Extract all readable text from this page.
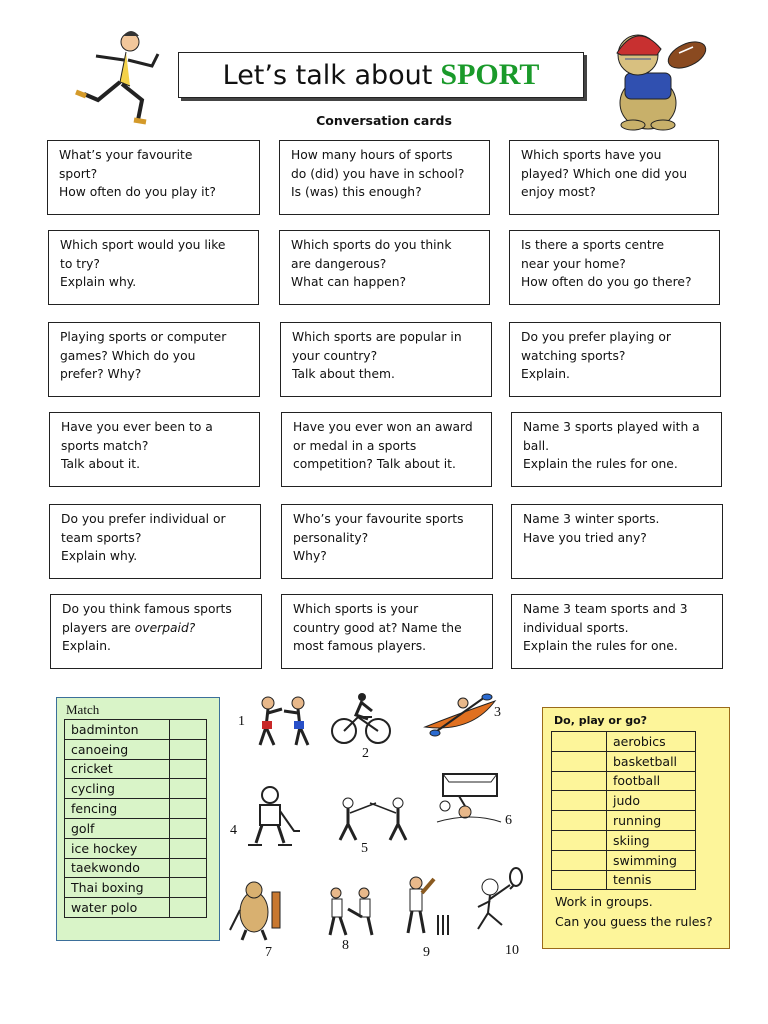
Let’s talk about SPORT
Conversation cards
What’s your favourite
sport?
How often do you play it?
How many hours of sports
do (did) you have in school?
Is (was) this enough?
Which sports have you
played? Which one did you
enjoy most?
Which sport would you like
to try?
Explain why.
Which sports do you think
are dangerous?
What can happen?
Is there a sports centre
near your home?
How often do you go there?
Playing sports or computer
games? Which do you
prefer? Why?
Which sports are popular in
your country?
Talk about them.
Do you prefer playing or
watching sports?
Explain.
Have you ever been to a
sports match?
Talk about it.
Have you ever won an award
or medal in a sports
competition? Talk about it.
Name 3 sports played with a
ball.
Explain the rules for one.
Do you prefer individual or
team sports?
Explain why.
Who’s your favourite sports
personality?
Why?
Name 3 winter sports.
Have you tried any?
Do you think famous sports
players are overpaid?
Explain.
Which sports is your
country good at? Name the
most famous players.
Name 3 team sports and 3
individual sports.
Explain the rules for one.
Match
badminton	
canoeing	
cricket	
cycling	
fencing	
golf	
ice hockey	
taekwondo	
Thai boxing	
water polo	
1
2
3
4
5
6
7	8	9	10
Do, play or go?
	aerobics
	basketball
	football
	judo
	running
	skiing
	swimming
	tennis
Work in groups.
Can you guess the rules?
